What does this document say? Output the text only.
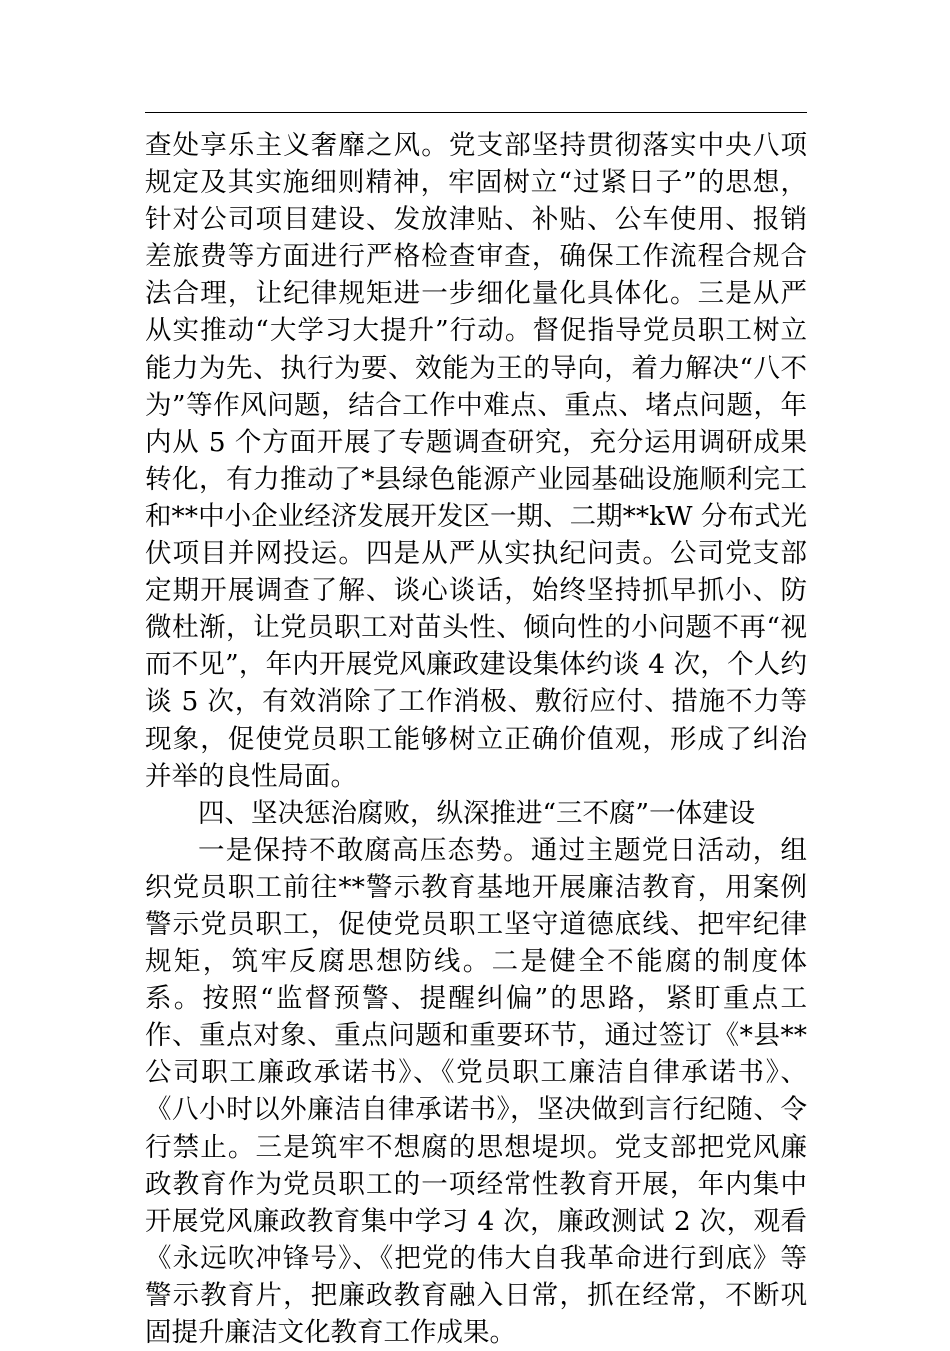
查处享乐主义奢靡之风。党支部坚持贯彻落实中央八项规定及其实施细则精神，牢固树立“过紧日子”的思想，针对公司项目建设、发放津贴、补贴、公车使用、报销差旅费等方面进行严格检查审查，确保工作流程合规合法合理，让纪律规矩进一步细化量化具体化。三是从严从实推动“大学习大提升”行动。督促指导党员职工树立能力为先、执行为要、效能为王的导向，着力解决“八不为”等作风问题，结合工作中难点、重点、堵点问题，年内从 5 个方面开展了专题调查研究，充分运用调研成果转化，有力推动了*县绿色能源产业园基础设施顺利完工和**中小企业经济发展开发区一期、二期**kW 分布式光伏项目并网投运。四是从严从实执纪问责。公司党支部定期开展调查了解、谈心谈话，始终坚持抓早抓小、防微杜渐，让党员职工对苗头性、倾向性的小问题不再“视而不见”，年内开展党风廉政建设集体约谈 4 次，个人约谈 5 次，有效消除了工作消极、敷衍应付、措施不力等现象，促使党员职工能够树立正确价值观，形成了纠治并举的良性局面。

四、坚决惩治腐败，纵深推进“三不腐”一体建设

一是保持不敢腐高压态势。通过主题党日活动，组织党员职工前往**警示教育基地开展廉洁教育，用案例警示党员职工，促使党员职工坚守道德底线、把牢纪律规矩，筑牢反腐思想防线。二是健全不能腐的制度体系。按照“监督预警、提醒纠偏”的思路，紧盯重点工作、重点对象、重点问题和重要环节，通过签订《*县**公司职工廉政承诺书》、《党员职工廉洁自律承诺书》、《八小时以外廉洁自律承诺书》，坚决做到言行纪随、令行禁止。三是筑牢不想腐的思想堤坝。党支部把党风廉政教育作为党员职工的一项经常性教育开展，年内集中开展党风廉政教育集中学习 4 次，廉政测试 2 次，观看《永远吹冲锋号》、《把党的伟大自我革命进行到底》等警示教育片，把廉政教育融入日常，抓在经常，不断巩固提升廉洁文化教育工作成果。
